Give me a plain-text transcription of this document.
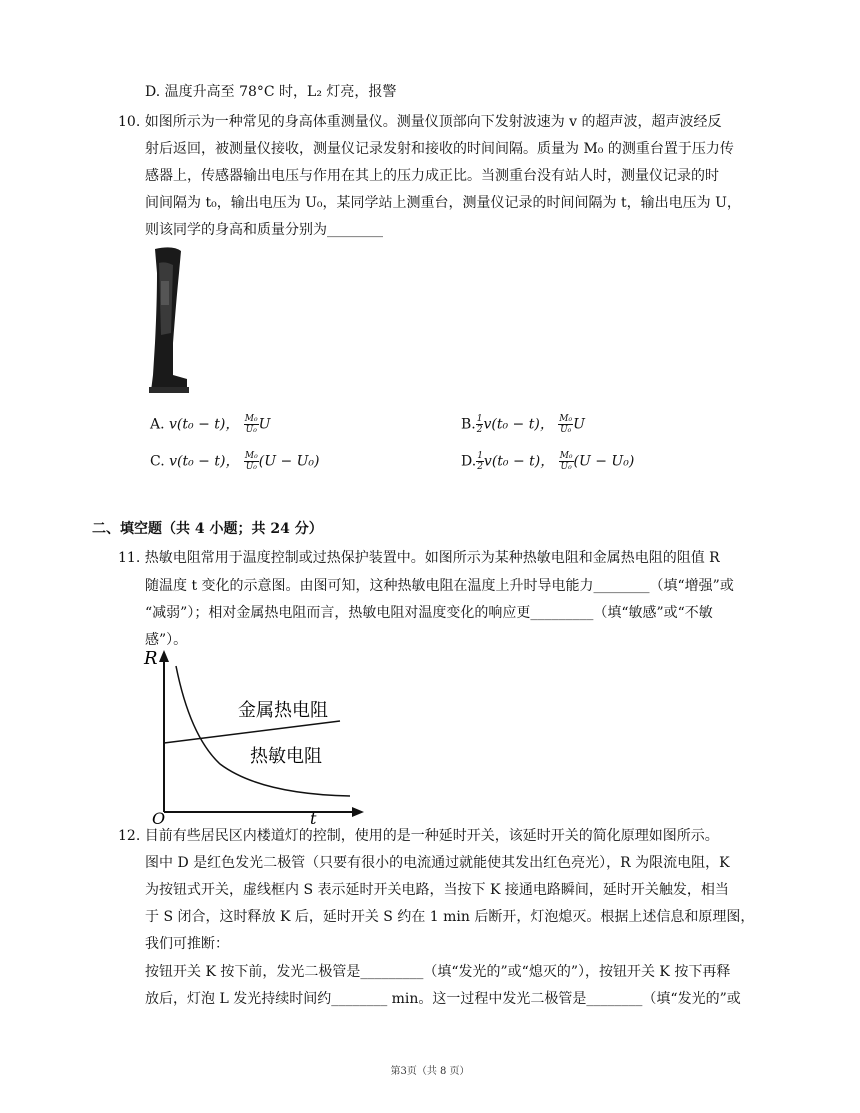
D. 温度升高至 78°C 时，L₂ 灯亮，报警
10. 如图所示为一种常见的身高体重测量仪。测量仪顶部向下发射波速为 v 的超声波，超声波经反
射后返回，被测量仪接收，测量仪记录发射和接收的时间间隔。质量为 M₀ 的测重台置于压力传
感器上，传感器输出电压与作用在其上的压力成正比。当测重台没有站人时，测量仪记录的时
间间隔为 t₀，输出电压为 U₀，某同学站上测重台，测量仪记录的时间间隔为 t，输出电压为 U，
则该同学的身高和质量分别为________
A. v(t₀ − t)， $\frac{\text{M₀}}{\text{U₀}}$ U	B. $\frac{1}{2} v(t_0 - t)$， $\frac{\text{M₀}}{\text{U₀}}$ U
C. v(t₀ − t)， $\frac{\text{M₀}}{\text{U₀}} (U - U_0)$	D. $\frac{1}{2} v(t_0 - t)$， $\frac{\text{M₀}}{\text{U₀}} (U - U_0)$
二、填空题（共 4 小题；共 24 分）
11. 热敏电阻常用于温度控制或过热保护装置中。如图所示为某种热敏电阻和金属热电阻的阻值 R
随温度 t 变化的示意图。由图可知，这种热敏电阻在温度上升时导电能力________（填“增强”或
“减弱”）；相对金属热电阻而言，热敏电阻对温度变化的响应更_________（填“敏感”或“不敏
感”）。
R
t
O
金属热电阻
热敏电阻
12. 目前有些居民区内楼道灯的控制，使用的是一种延时开关，该延时开关的简化原理如图所示。
图中 D 是红色发光二极管（只要有很小的电流通过就能使其发出红色亮光），R 为限流电阻，K
为按钮式开关，虚线框内 S 表示延时开关电路，当按下 K 接通电路瞬间，延时开关触发，相当
于 S 闭合，这时释放 K 后，延时开关 S 约在 1 min 后断开，灯泡熄灭。根据上述信息和原理图，
我们可推断：
按钮开关 K 按下前，发光二极管是_________（填“发光的”或“熄灭的”），按钮开关 K 按下再释
放后，灯泡 L 发光持续时间约________ min。这一过程中发光二极管是________（填“发光的”或
第3页（共 8 页）
